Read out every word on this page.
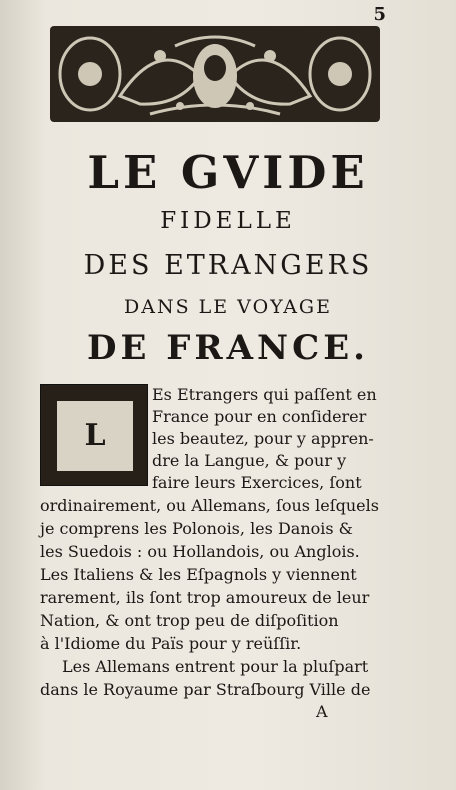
5
LE GVIDE
FIDELLE
DES ETRANGERS
DANS LE VOYAGE
DE FRANCE.
L
Es Etrangers qui paſſent en
France pour en conſiderer
les beautez, pour y appren-
dre la Langue, & pour y
faire leurs Exercices, ſont
ordinairement, ou Allemans, ſous leſquels
je comprens les Polonois, les Danois &
les Suedois : ou Hollandois, ou Anglois.
Les Italiens & les Eſpagnols y viennent
rarement, ils ſont trop amoureux de leur
Nation, & ont trop peu de diſpoſition
à l'Idiome du Païs pour y reüſſir.
Les Allemans entrent pour la pluſpart
dans le Royaume par Straſbourg Ville de
A
